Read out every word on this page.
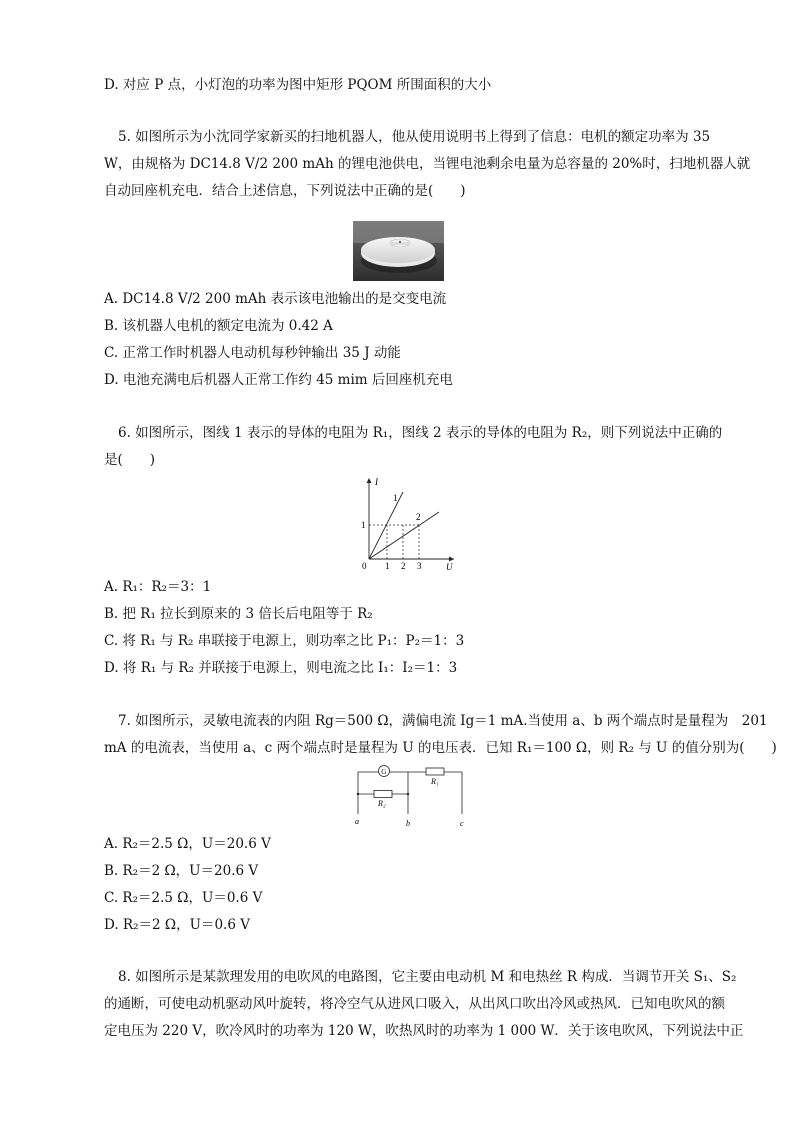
D. 对应 P 点，小灯泡的功率为图中矩形 PQOM 所围面积的大小
5. 如图所示为小沈同学家新买的扫地机器人，他从使用说明书上得到了信息：电机的额定功率为 35
W，由规格为 DC14.8 V/2 200 mAh 的锂电池供电，当锂电池剩余电量为总容量的 20%时，扫地机器人就
自动回座机充电．结合上述信息，下列说法中正确的是(　　)
A. DC14.8 V/2 200 mAh 表示该电池输出的是交变电流
B. 该机器人电机的额定电流为 0.42 A
C. 正常工作时机器人电动机每秒钟输出 35 J 动能
D. 电池充满电后机器人正常工作约 45 mim 后回座机充电
6. 如图所示，图线 1 表示的导体的电阻为 R₁，图线 2 表示的导体的电阻为 R₂，则下列说法中正确的
是(　　)
I
U
0 1 2 3
1
1
2
A. R₁：R₂＝3：1
B. 把 R₁ 拉长到原来的 3 倍长后电阻等于 R₂
C. 将 R₁ 与 R₂ 串联接于电源上，则功率之比 P₁：P₂＝1：3
D. 将 R₁ 与 R₂ 并联接于电源上，则电流之比 I₁：I₂＝1：3
7. 如图所示，灵敏电流表的内阻 Rg＝500 Ω，满偏电流 Ig＝1 mA.当使用 a、b 两个端点时是量程为　201
mA 的电流表，当使用 a、c 两个端点时是量程为 U 的电压表．已知 R₁＝100 Ω，则 R₂ 与 U 的值分别为(　　)
G
R₁
R₂
a	b	c
A. R₂＝2.5 Ω，U＝20.6 V
B. R₂＝2 Ω，U＝20.6 V
C. R₂＝2.5 Ω，U＝0.6 V
D. R₂＝2 Ω，U＝0.6 V
8. 如图所示是某款理发用的电吹风的电路图，它主要由电动机 M 和电热丝 R 构成．当调节开关 S₁、S₂
的通断，可使电动机驱动风叶旋转，将冷空气从进风口吸入，从出风口吹出冷风或热风．已知电吹风的额
定电压为 220 V，吹冷风时的功率为 120 W，吹热风时的功率为 1 000 W．关于该电吹风，下列说法中正
